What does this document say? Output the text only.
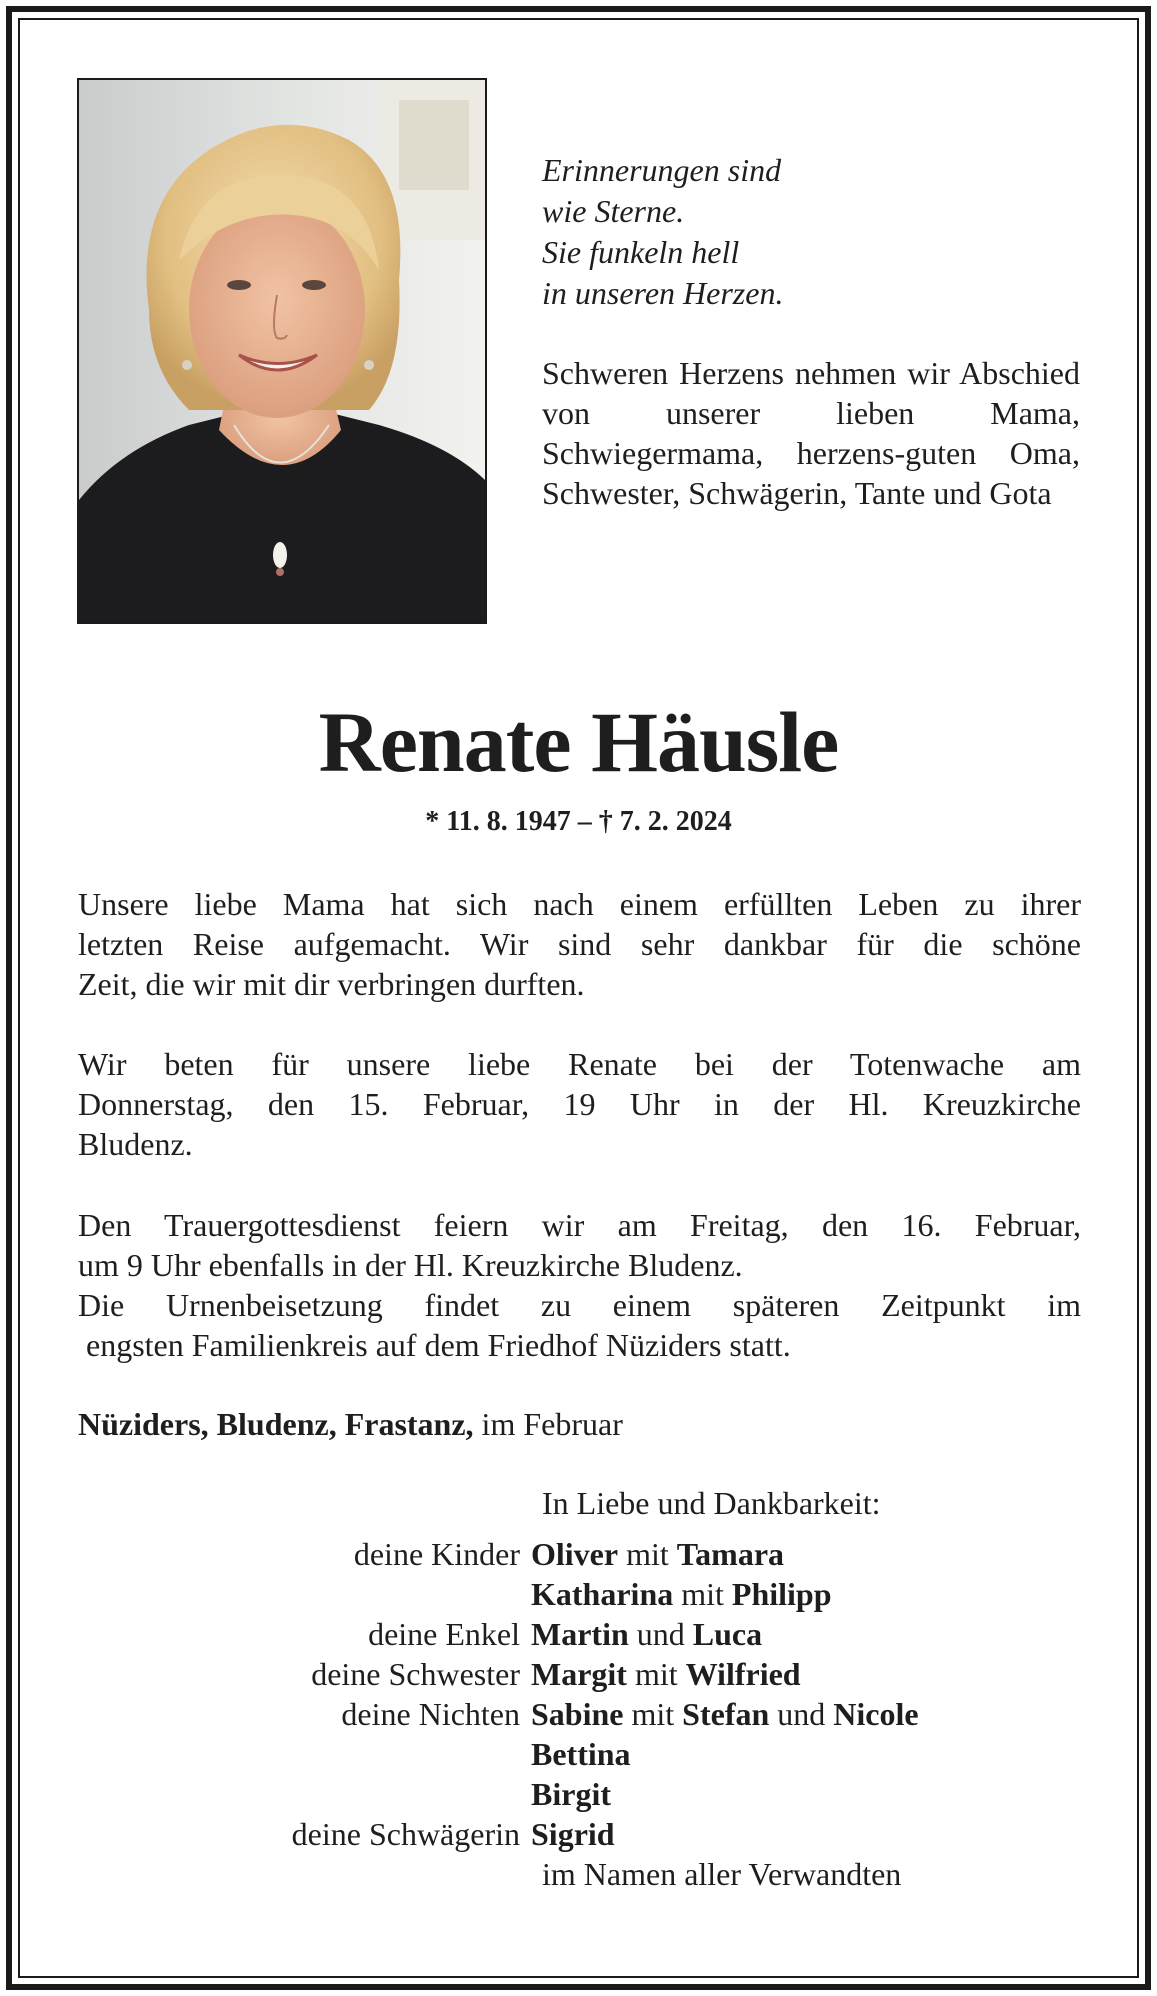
Erinnerungen sind
wie Sterne.
Sie funkeln hell
in unseren Herzen.
Schweren Herzens nehmen wir Abschied von unserer lieben Mama, Schwiegermama, herzens-guten Oma, Schwester, Schwägerin, Tante und Gota
Renate Häusle
* 11. 8. 1947 – † 7. 2. 2024
Unsere liebe Mama hat sich nach einem erfüllten Leben zu ihrer
letzten Reise aufgemacht. Wir sind sehr dankbar für die schöne
Zeit, die wir mit dir verbringen durften.
Wir beten für unsere liebe Renate bei der Totenwache am
Donnerstag, den 15. Februar, 19 Uhr in der Hl. Kreuzkirche
Bludenz.
Den Trauergottesdienst feiern wir am Freitag, den 16. Februar,
um 9 Uhr ebenfalls in der Hl. Kreuzkirche Bludenz.
Die Urnenbeisetzung findet zu einem späteren Zeitpunkt im
engsten Familienkreis auf dem Friedhof Nüziders statt.
Nüziders, Bludenz, Frastanz, im Februar
In Liebe und Dankbarkeit:
deine Kinder Oliver mit Tamara
Katharina mit Philipp
deine Enkel Martin und Luca
deine Schwester Margit mit Wilfried
deine Nichten Sabine mit Stefan und Nicole
Bettina
Birgit
deine Schwägerin Sigrid
im Namen aller Verwandten
